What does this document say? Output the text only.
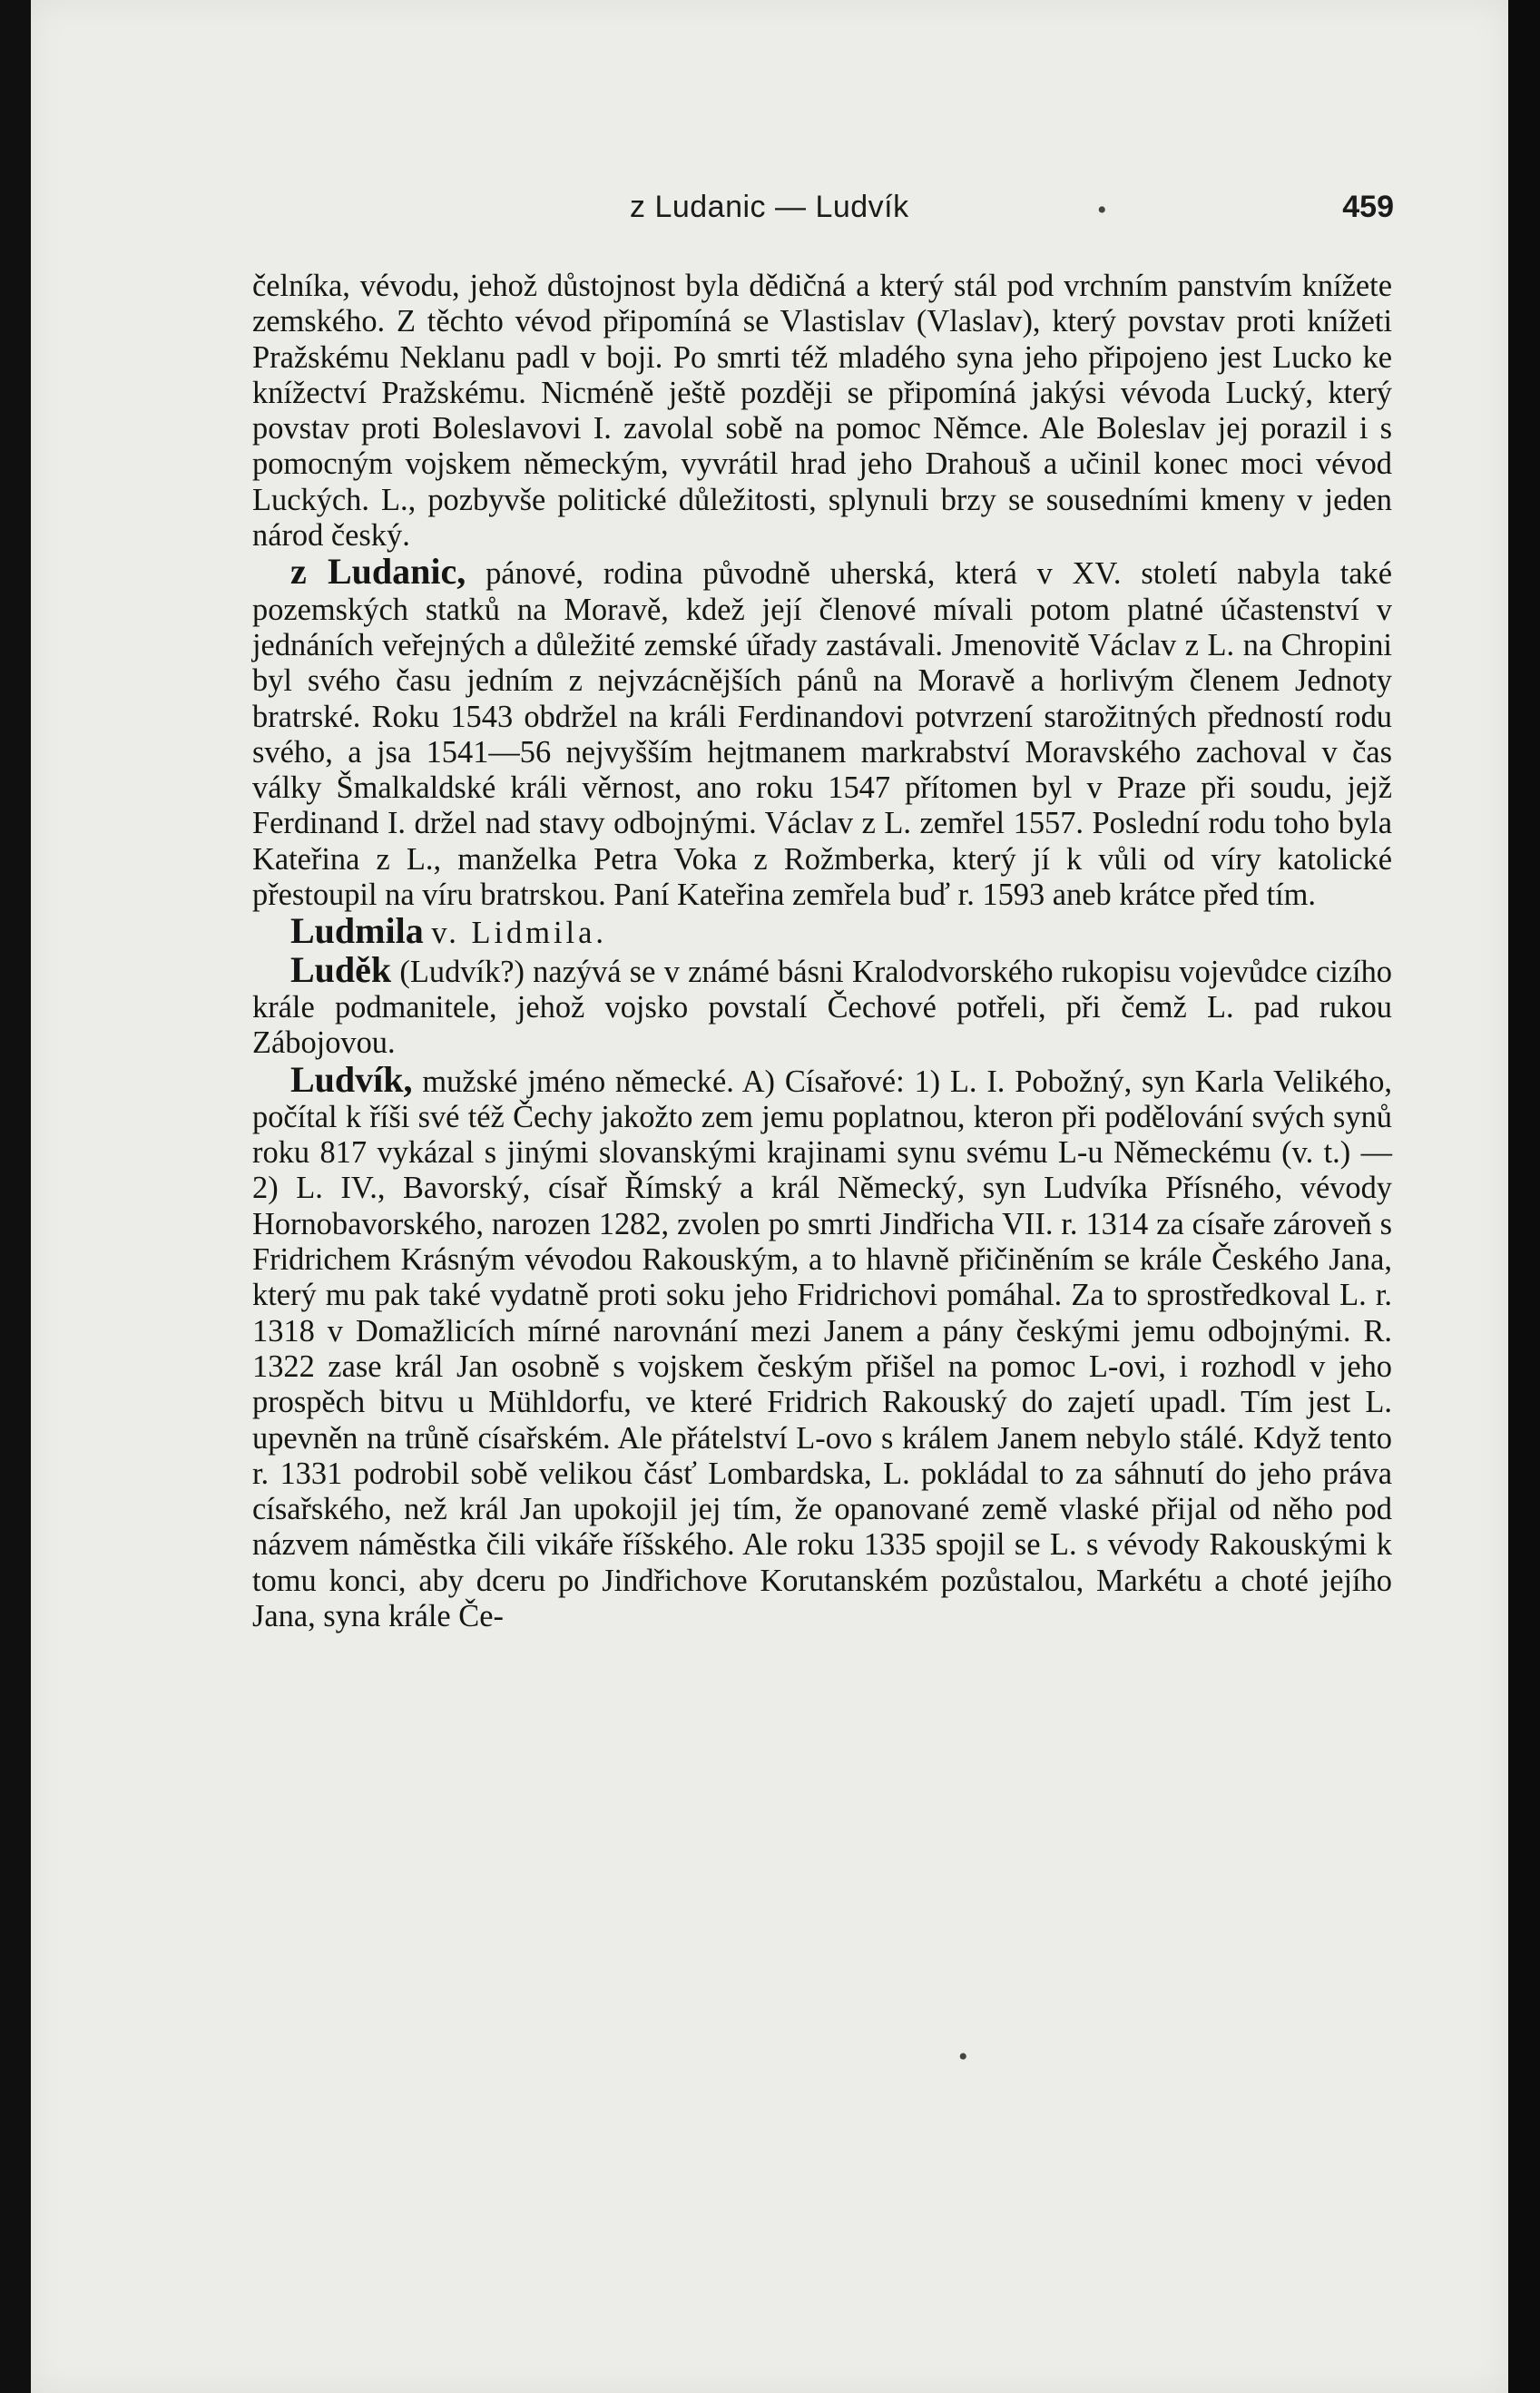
z Ludanic — Ludvík	459

čelníka, vévodu, jehož důstojnost byla dědičná a který stál pod vrchním panstvím knížete zemského. Z těchto vévod připomíná se Vlastislav (Vlaslav), který povstav proti knížeti Pražskému Neklanu padl v boji. Po smrti též mladého syna jeho připojeno jest Lucko ke knížectví Pražskému. Nicméně ještě později se připomíná jakýsi vévoda Lucký, který povstav proti Boleslavovi I. zavolal sobě na pomoc Němce. Ale Boleslav jej porazil i s pomocným vojskem německým, vyvrátil hrad jeho Drahouš a učinil konec moci vévod Luckých. L., pozbyvše politické důležitosti, splynuli brzy se sousedními kmeny v jeden národ český.

z Ludanic, pánové, rodina původně uherská, která v XV. století nabyla také pozemských statků na Moravě, kdež její členové mívali potom platné účastenství v jednáních veřejných a důležité zemské úřady zastávali. Jmenovitě Václav z L. na Chropini byl svého času jedním z nejvzácnějších pánů na Moravě a horlivým členem Jednoty bratrské. Roku 1543 obdržel na králi Ferdinandovi potvrzení starožitných předností rodu svého, a jsa 1541—56 nejvyšším hejtmanem markrabství Moravského zachoval v čas války Šmalkaldské králi věrnost, ano roku 1547 přítomen byl v Praze při soudu, jejž Ferdinand I. držel nad stavy odbojnými. Václav z L. zemřel 1557. Poslední rodu toho byla Kateřina z L., manželka Petra Voka z Rožmberka, který jí k vůli od víry katolické přestoupil na víru bratrskou. Paní Kateřina zemřela buď r. 1593 aneb krátce před tím.

Ludmila v. Lidmila.

Luděk (Ludvík?) nazývá se v známé básni Kralodvorského rukopisu vojevůdce cizího krále podmanitele, jehož vojsko povstalí Čechové potřeli, při čemž L. pad rukou Zábojovou.

Ludvík, mužské jméno německé. A) Císařové: 1) L. I. Pobožný, syn Karla Velikého, počítal k říši své též Čechy jakožto zem jemu poplatnou, kteron při podělování svých synů roku 817 vykázal s jinými slovanskými krajinami synu svému L-u Německému (v. t.) — 2) L. IV., Bavorský, císař Římský a král Německý, syn Ludvíka Přísného, vévody Hornobavorského, narozen 1282, zvolen po smrti Jindřicha VII. r. 1314 za císaře zároveň s Fridrichem Krásným vévodou Rakouským, a to hlavně přičiněním se krále Českého Jana, který mu pak také vydatně proti soku jeho Fridrichovi pomáhal. Za to sprostředkoval L. r. 1318 v Domažlicích mírné narovnání mezi Janem a pány českými jemu odbojnými. R. 1322 zase král Jan osobně s vojskem českým přišel na pomoc L-ovi, i rozhodl v jeho prospěch bitvu u Mühldorfu, ve které Fridrich Rakouský do zajetí upadl. Tím jest L. upevněn na trůně císařském. Ale přátelství L-ovo s králem Janem nebylo stálé. Když tento r. 1331 podrobil sobě velikou čásť Lombardska, L. pokládal to za sáhnutí do jeho práva císařského, než král Jan upokojil jej tím, že opanované země vlaské přijal od něho pod názvem náměstka čili vikáře říšského. Ale roku 1335 spojil se L. s vévody Rakouskými k tomu konci, aby dceru po Jindřichove Korutanském pozůstalou, Markétu a choté jejího Jana, syna krále Če-

•
•
